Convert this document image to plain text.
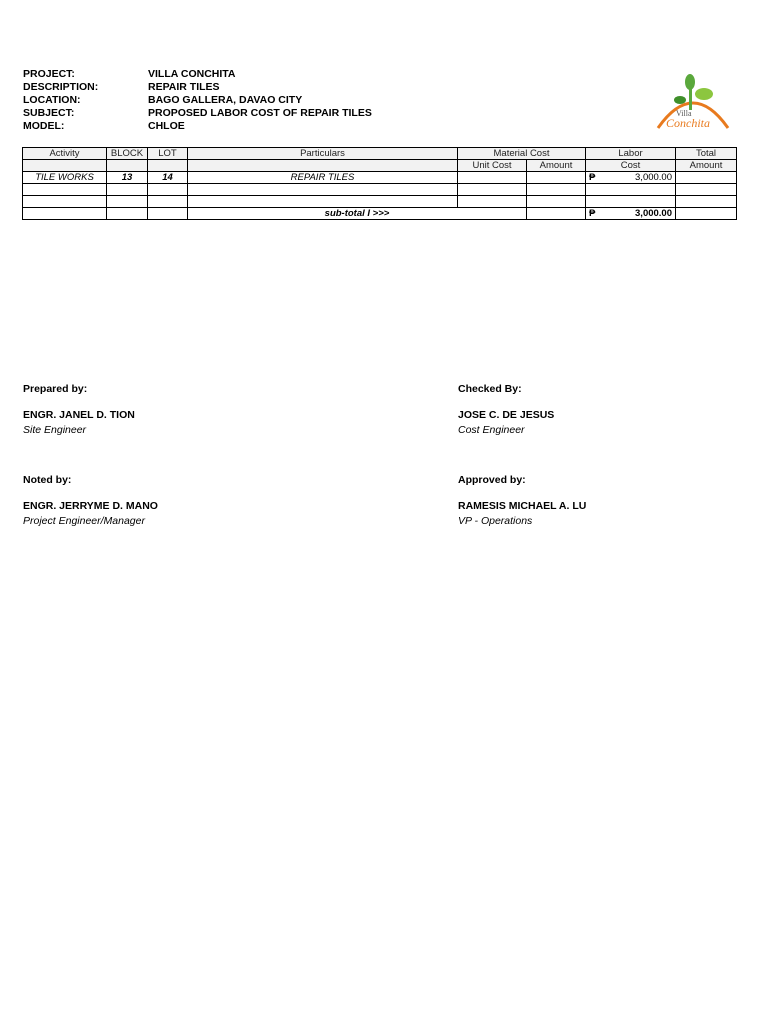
PROJECT:	VILLA CONCHITA
DESCRIPTION:	REPAIR TILES
LOCATION:	BAGO GALLERA, DAVAO CITY
SUBJECT:	PROPOSED LABOR COST OF REPAIR TILES
MODEL:	CHLOE
Villa
Conchita
Activity	BLOCK	LOT	Particulars	Material Cost		Labor	Total
				Unit Cost	Amount	Cost	Amount
TILE WORKS	13	14	REPAIR TILES			₱ 3,000.00	

			sub-total I >>>			₱ 3,000.00	
Prepared by:
ENGR. JANEL D. TION
Site Engineer
Checked By:
JOSE C. DE JESUS
Cost Engineer
Noted by:
ENGR. JERRYME D. MANO
Project Engineer/Manager
Approved by:
RAMESIS MICHAEL A. LU
VP - Operations
